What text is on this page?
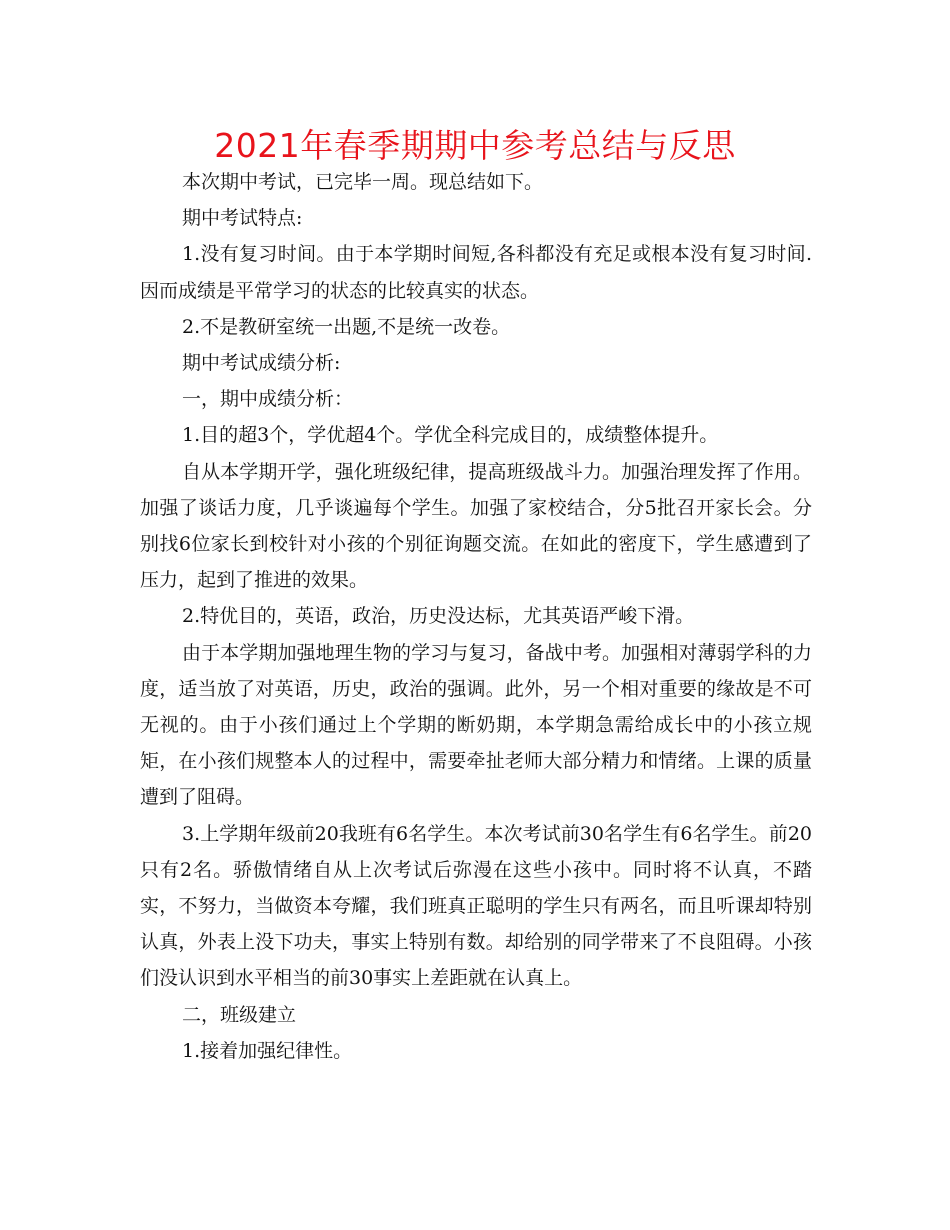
2021年春季期期中参考总结与反思

本次期中考试，已完毕一周。现总结如下。

期中考试特点:

1.没有复习时间。由于本学期时间短,各科都没有充足或根本没有复习时间.因而成绩是平常学习的状态的比较真实的状态。

2.不是教研室统一出题,不是统一改卷。

期中考试成绩分析:

一，期中成绩分析：

1.目的超3个，学优超4个。学优全科完成目的，成绩整体提升。

自从本学期开学，强化班级纪律，提高班级战斗力。加强治理发挥了作用。加强了谈话力度，几乎谈遍每个学生。加强了家校结合，分5批召开家长会。分别找6位家长到校针对小孩的个别征询题交流。在如此的密度下，学生感遭到了压力，起到了推进的效果。

2.特优目的，英语，政治，历史没达标，尤其英语严峻下滑。

由于本学期加强地理生物的学习与复习，备战中考。加强相对薄弱学科的力度，适当放了对英语，历史，政治的强调。此外，另一个相对重要的缘故是不可无视的。由于小孩们通过上个学期的断奶期，本学期急需给成长中的小孩立规矩，在小孩们规整本人的过程中，需要牵扯老师大部分精力和情绪。上课的质量遭到了阻碍。

3.上学期年级前20我班有6名学生。本次考试前30名学生有6名学生。前20 只有2名。骄傲情绪自从上次考试后弥漫在这些小孩中。同时将不认真，不踏实，不努力，当做资本夸耀，我们班真正聪明的学生只有两名，而且听课却特别认真，外表上没下功夫，事实上特别有数。却给别的同学带来了不良阻碍。小孩们没认识到水平相当的前30事实上差距就在认真上。

二，班级建立

1.接着加强纪律性。
